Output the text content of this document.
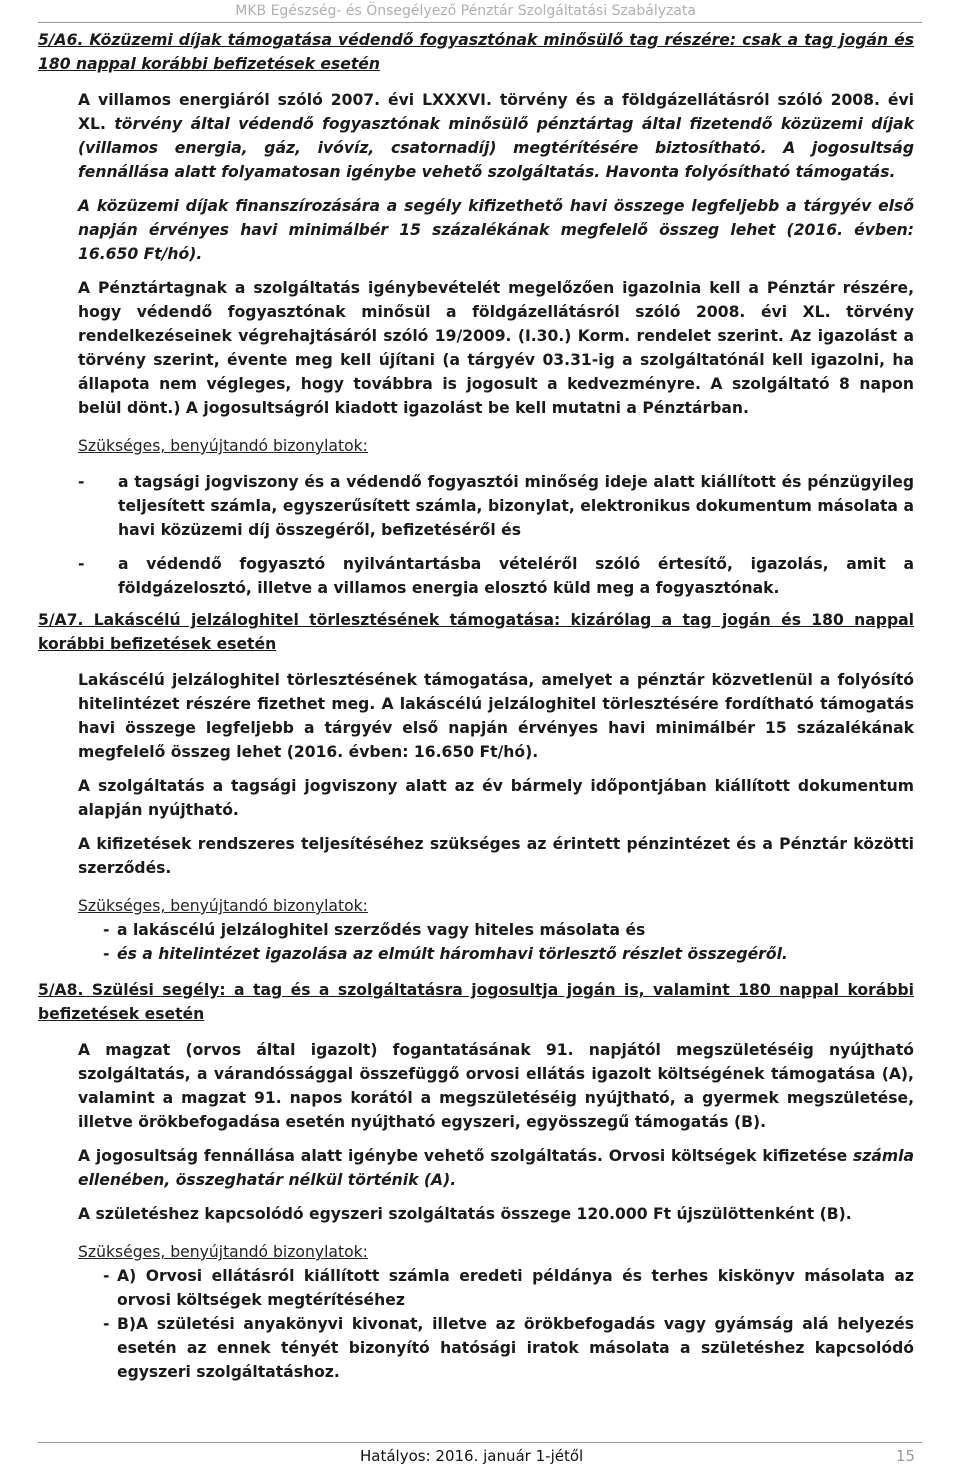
MKB Egészség- és Önsegélyező Pénztár Szolgáltatási Szabályzata

5/A6. Közüzemi díjak támogatása védendő fogyasztónak minősülő tag részére: csak a tag jogán és 180 nappal korábbi befizetések esetén

A villamos energiáról szóló 2007. évi LXXXVI. törvény és a földgázellátásról szóló 2008. évi XL. törvény által védendő fogyasztónak minősülő pénztártag által fizetendő közüzemi díjak (villamos energia, gáz, ivóvíz, csatornadíj) megtérítésére biztosítható. A jogosultság fennállása alatt folyamatosan igénybe vehető szolgáltatás. Havonta folyósítható támogatás.

A közüzemi díjak finanszírozására a segély kifizethető havi összege legfeljebb a tárgyév első napján érvényes havi minimálbér 15 százalékának megfelelő összeg lehet (2016. évben: 16.650 Ft/hó).

A Pénztártagnak a szolgáltatás igénybevételét megelőzően igazolnia kell a Pénztár részére, hogy védendő fogyasztónak minősül a földgázellátásról szóló 2008. évi XL. törvény rendelkezéseinek végrehajtásáról szóló 19/2009. (I.30.) Korm. rendelet szerint. Az igazolást a törvény szerint, évente meg kell újítani (a tárgyév 03.31-ig a szolgáltatónál kell igazolni, ha állapota nem végleges, hogy továbbra is jogosult a kedvezményre. A szolgáltató 8 napon belül dönt.) A jogosultságról kiadott igazolást be kell mutatni a Pénztárban.

Szükséges, benyújtandó bizonylatok:
-	a tagsági jogviszony és a védendő fogyasztói minőség ideje alatt kiállított és pénzügyileg teljesített számla, egyszerűsített számla, bizonylat, elektronikus dokumentum másolata a havi közüzemi díj összegéről, befizetéséről és

-	a védendő fogyasztó nyilvántartásba vételéről szóló értesítő, igazolás, amit a földgázelosztó, illetve a villamos energia elosztó küld meg a fogyasztónak.

5/A7. Lakáscélú jelzáloghitel törlesztésének támogatása: kizárólag a tag jogán és 180 nappal korábbi befizetések esetén

Lakáscélú jelzáloghitel törlesztésének támogatása, amelyet a pénztár közvetlenül a folyósító hitelintézet részére fizethet meg. A lakáscélú jelzáloghitel törlesztésére fordítható támogatás havi összege legfeljebb a tárgyév első napján érvényes havi minimálbér 15 százalékának megfelelő összeg lehet (2016. évben: 16.650 Ft/hó).

A szolgáltatás a tagsági jogviszony alatt az év bármely időpontjában kiállított dokumentum alapján nyújtható.

A kifizetések rendszeres teljesítéséhez szükséges az érintett pénzintézet és a Pénztár közötti szerződés.

Szükséges, benyújtandó bizonylatok:
- a lakáscélú jelzáloghitel szerződés vagy hiteles másolata és

- és a hitelintézet igazolása az elmúlt háromhavi törlesztő részlet összegéről.

5/A8. Szülési segély: a tag és a szolgáltatásra jogosultja jogán is, valamint 180 nappal korábbi befizetések esetén

A magzat (orvos által igazolt) fogantatásának 91. napjától megszületéséig nyújtható szolgáltatás, a várandóssággal összefüggő orvosi ellátás igazolt költségének támogatása (A), valamint a magzat 91. napos korától a megszületéséig nyújtható, a gyermek megszületése, illetve örökbefogadása esetén nyújtható egyszeri, egyösszegű támogatás (B).

A jogosultság fennállása alatt igénybe vehető szolgáltatás. Orvosi költségek kifizetése számla ellenében, összeghatár nélkül történik (A).

A születéshez kapcsolódó egyszeri szolgáltatás összege 120.000 Ft újszülöttenként (B).

Szükséges, benyújtandó bizonylatok:
- A) Orvosi ellátásról kiállított számla eredeti példánya és terhes kiskönyv másolata az orvosi költségek megtérítéséhez

- B)A születési anyakönyvi kivonat, illetve az örökbefogadás vagy gyámság alá helyezés esetén az ennek tényét bizonyító hatósági iratok másolata a születéshez kapcsolódó egyszeri szolgáltatáshoz.

Hatályos: 2016. január 1-jétől	15
